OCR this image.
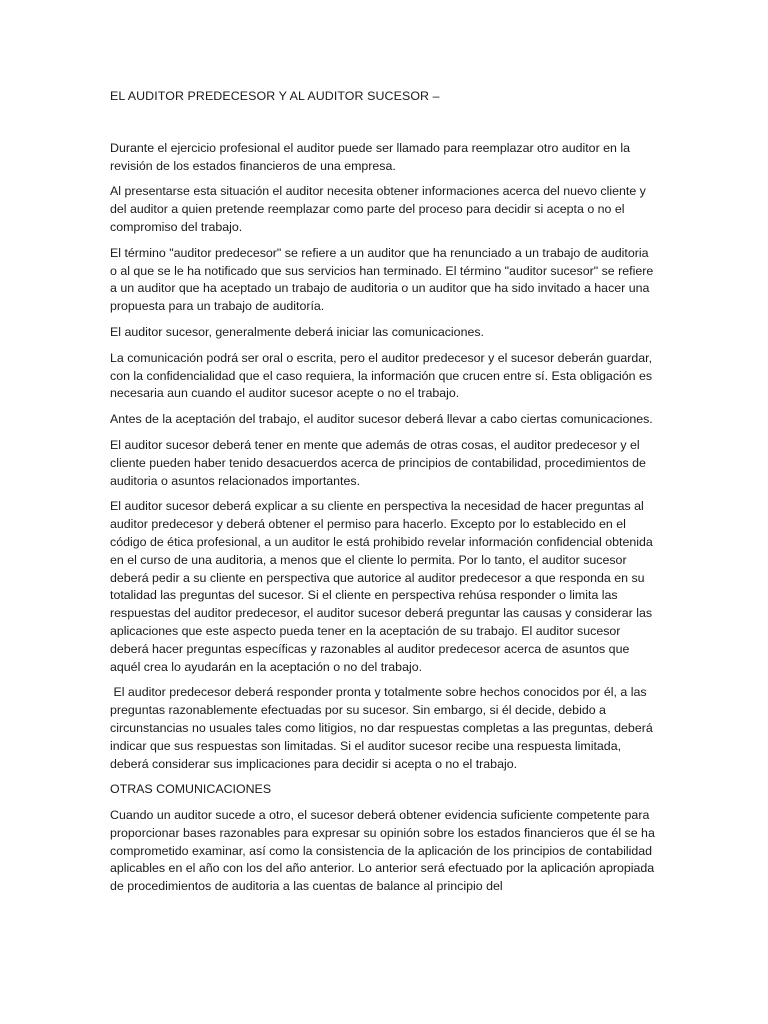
EL AUDITOR PREDECESOR Y AL AUDITOR SUCESOR –

Durante el ejercicio profesional el auditor puede ser llamado para reemplazar otro auditor en la revisión de los estados financieros de una empresa.

Al presentarse esta situación el auditor necesita obtener informaciones acerca del nuevo cliente y del auditor a quien pretende reemplazar como parte del proceso para decidir si acepta o no el compromiso del trabajo.

El término "auditor predecesor" se refiere a un auditor que ha renunciado a un trabajo de auditoria o al que se le ha notificado que sus servicios han terminado. El término "auditor sucesor" se refiere a un auditor que ha aceptado un trabajo de auditoria o un auditor que ha sido invitado a hacer una propuesta para un trabajo de auditoría.

El auditor sucesor, generalmente deberá iniciar las comunicaciones.

La comunicación podrá ser oral o escrita, pero el auditor predecesor y el sucesor deberán guardar, con la confidencialidad que el caso requiera, la información que crucen entre sí. Esta obligación es necesaria aun cuando el auditor sucesor acepte o no el trabajo.

Antes de la aceptación del trabajo, el auditor sucesor deberá llevar a cabo ciertas comunicaciones.

El auditor sucesor deberá tener en mente que además de otras cosas, el auditor predecesor y el cliente pueden haber tenido desacuerdos acerca de principios de contabilidad, procedimientos de auditoria o asuntos relacionados importantes.

El auditor sucesor deberá explicar a su cliente en perspectiva la necesidad de hacer preguntas al auditor predecesor y deberá obtener el permiso para hacerlo. Excepto por lo establecido en el código de ética profesional, a un auditor le está prohibido revelar información confidencial obtenida en el curso de una auditoria, a menos que el cliente lo permita. Por lo tanto, el auditor sucesor deberá pedir a su cliente en perspectiva que autorice al auditor predecesor a que responda en su totalidad las preguntas del sucesor. Si el cliente en perspectiva rehúsa responder o limita las respuestas del auditor predecesor, el auditor sucesor deberá preguntar las causas y considerar las aplicaciones que este aspecto pueda tener en la aceptación de su trabajo. El auditor sucesor deberá hacer preguntas específicas y razonables al auditor predecesor acerca de asuntos que aquél crea lo ayudarán en la aceptación o no del trabajo.

El auditor predecesor deberá responder pronta y totalmente sobre hechos conocidos por él, a las preguntas razonablemente efectuadas por su sucesor. Sin embargo, si él decide, debido a circunstancias no usuales tales como litigios, no dar respuestas completas a las preguntas, deberá indicar que sus respuestas son limitadas. Si el auditor sucesor recibe una respuesta limitada, deberá considerar sus implicaciones para decidir si acepta o no el trabajo.

OTRAS COMUNICACIONES

Cuando un auditor sucede a otro, el sucesor deberá obtener evidencia suficiente competente para proporcionar bases razonables para expresar su opinión sobre los estados financieros que él se ha comprometido examinar, así como la consistencia de la aplicación de los principios de contabilidad aplicables en el año con los del año anterior. Lo anterior será efectuado por la aplicación apropiada de procedimientos de auditoria a las cuentas de balance al principio del
